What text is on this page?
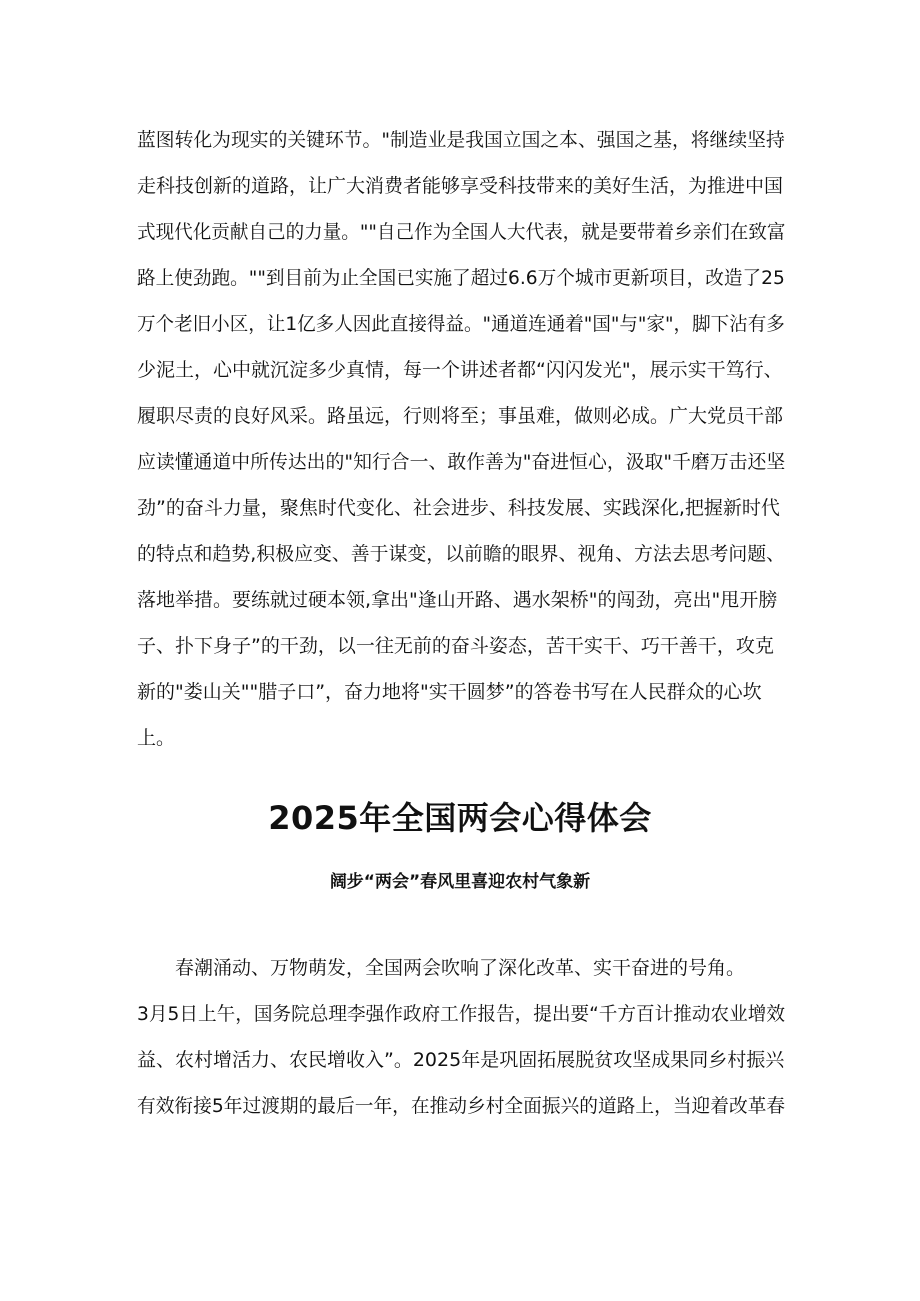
蓝图转化为现实的关键环节。"制造业是我国立国之本、强国之基，将继续坚持
走科技创新的道路，让广大消费者能够享受科技带来的美好生活，为推进中国
式现代化贡献自己的力量。""自己作为全国人大代表，就是要带着乡亲们在致富
路上使劲跑。""到目前为止全国已实施了超过6.6万个城市更新项目，改造了25
万个老旧小区，让1亿多人因此直接得益。"通道连通着"国"与"家"，脚下沾有多
少泥土，心中就沉淀多少真情，每一个讲述者都“闪闪发光"，展示实干笃行、
履职尽责的良好风采。路虽远，行则将至；事虽难，做则必成。广大党员干部
应读懂通道中所传达出的"知行合一、敢作善为"奋进恒心，汲取"千磨万击还坚
劲”的奋斗力量，聚焦时代变化、社会进步、科技发展、实践深化,把握新时代
的特点和趋势,积极应变、善于谋变，以前瞻的眼界、视角、方法去思考问题、
落地举措。要练就过硬本领,拿出"逢山开路、遇水架桥"的闯劲，亮出"甩开膀
子、扑下身子”的干劲，以一往无前的奋斗姿态，苦干实干、巧干善干，攻克
新的"娄山关""腊子口”，奋力地将"实干圆梦”的答卷书写在人民群众的心坎
上。
2025年全国两会心得体会
阔步“两会”春风里喜迎农村气象新
　　春潮涌动、万物萌发，全国两会吹响了深化改革、实干奋进的号角。
3月5日上午，国务院总理李强作政府工作报告，提出要“千方百计推动农业增效
益、农村增活力、农民增收入”。2025年是巩固拓展脱贫攻坚成果同乡村振兴
有效衔接5年过渡期的最后一年，在推动乡村全面振兴的道路上，当迎着改革春
